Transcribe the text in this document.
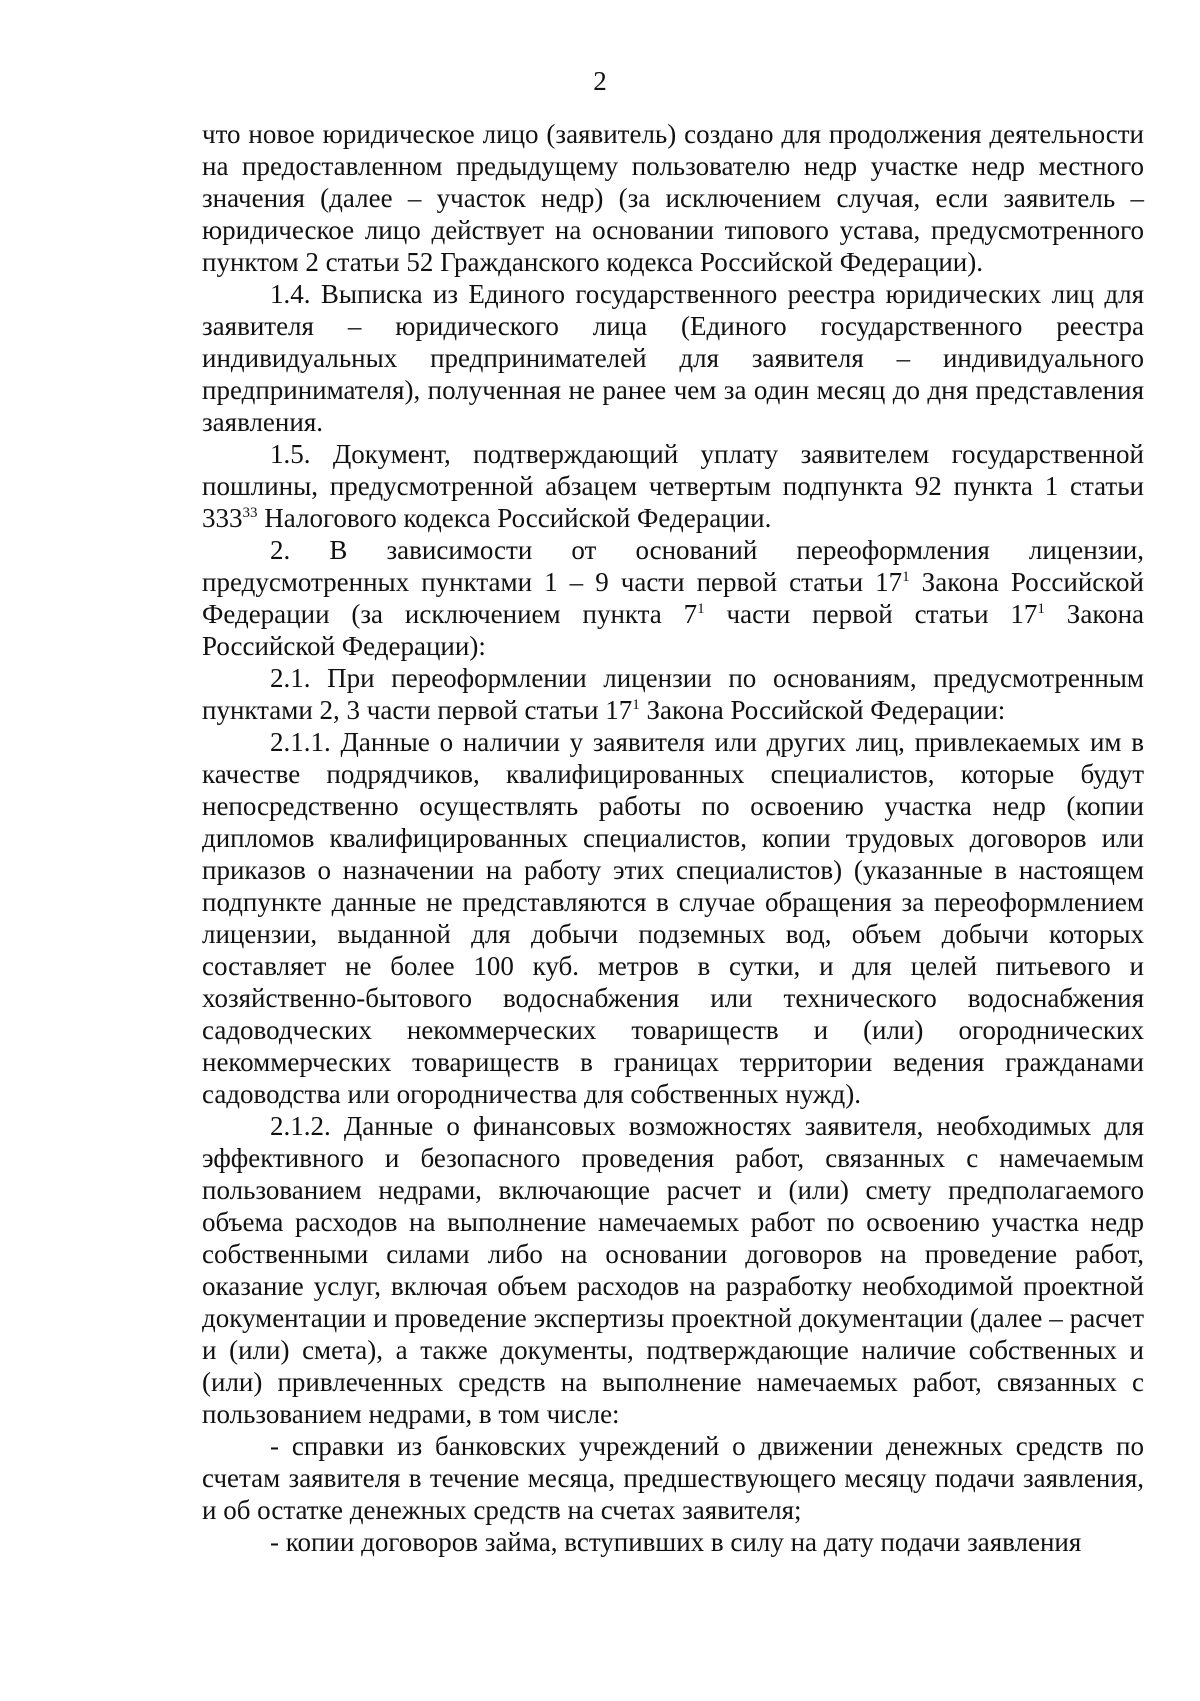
2

что новое юридическое лицо (заявитель) создано для продолжения деятельности на предоставленном предыдущему пользователю недр участке недр местного значения (далее – участок недр) (за исключением случая, если заявитель – юридическое лицо действует на основании типового устава, предусмотренного пунктом 2 статьи 52 Гражданского кодекса Российской Федерации).

1.4. Выписка из Единого государственного реестра юридических лиц для заявителя – юридического лица (Единого государственного реестра индивидуальных предпринимателей для заявителя – индивидуального предпринимателя), полученная не ранее чем за один месяц до дня представления заявления.

1.5. Документ, подтверждающий уплату заявителем государственной пошлины, предусмотренной абзацем четвертым подпункта 92 пункта 1 статьи $333^{33}$ Налогового кодекса Российской Федерации.

2. В зависимости от оснований переоформления лицензии, предусмотренных пунктами 1 – 9 части первой статьи $17^1$ Закона Российской Федерации (за исключением пункта $7^1$ части первой статьи $17^1$ Закона Российской Федерации):

2.1. При переоформлении лицензии по основаниям, предусмотренным пунктами 2, 3 части первой статьи $17^1$ Закона Российской Федерации:

2.1.1. Данные о наличии у заявителя или других лиц, привлекаемых им в качестве подрядчиков, квалифицированных специалистов, которые будут непосредственно осуществлять работы по освоению участка недр (копии дипломов квалифицированных специалистов, копии трудовых договоров или приказов о назначении на работу этих специалистов) (указанные в настоящем подпункте данные не представляются в случае обращения за переоформлением лицензии, выданной для добычи подземных вод, объем добычи которых составляет не более 100 куб. метров в сутки, и для целей питьевого и хозяйственно-бытового водоснабжения или технического водоснабжения садоводческих некоммерческих товариществ и (или) огороднических некоммерческих товариществ в границах территории ведения гражданами садоводства или огородничества для собственных нужд).

2.1.2. Данные о финансовых возможностях заявителя, необходимых для эффективного и безопасного проведения работ, связанных с намечаемым пользованием недрами, включающие расчет и (или) смету предполагаемого объема расходов на выполнение намечаемых работ по освоению участка недр собственными силами либо на основании договоров на проведение работ, оказание услуг, включая объем расходов на разработку необходимой проектной документации и проведение экспертизы проектной документации (далее – расчет и (или) смета), а также документы, подтверждающие наличие собственных и (или) привлеченных средств на выполнение намечаемых работ, связанных с пользованием недрами, в том числе:

- справки из банковских учреждений о движении денежных средств по счетам заявителя в течение месяца, предшествующего месяцу подачи заявления, и об остатке денежных средств на счетах заявителя;

- копии договоров займа, вступивших в силу на дату подачи заявления
